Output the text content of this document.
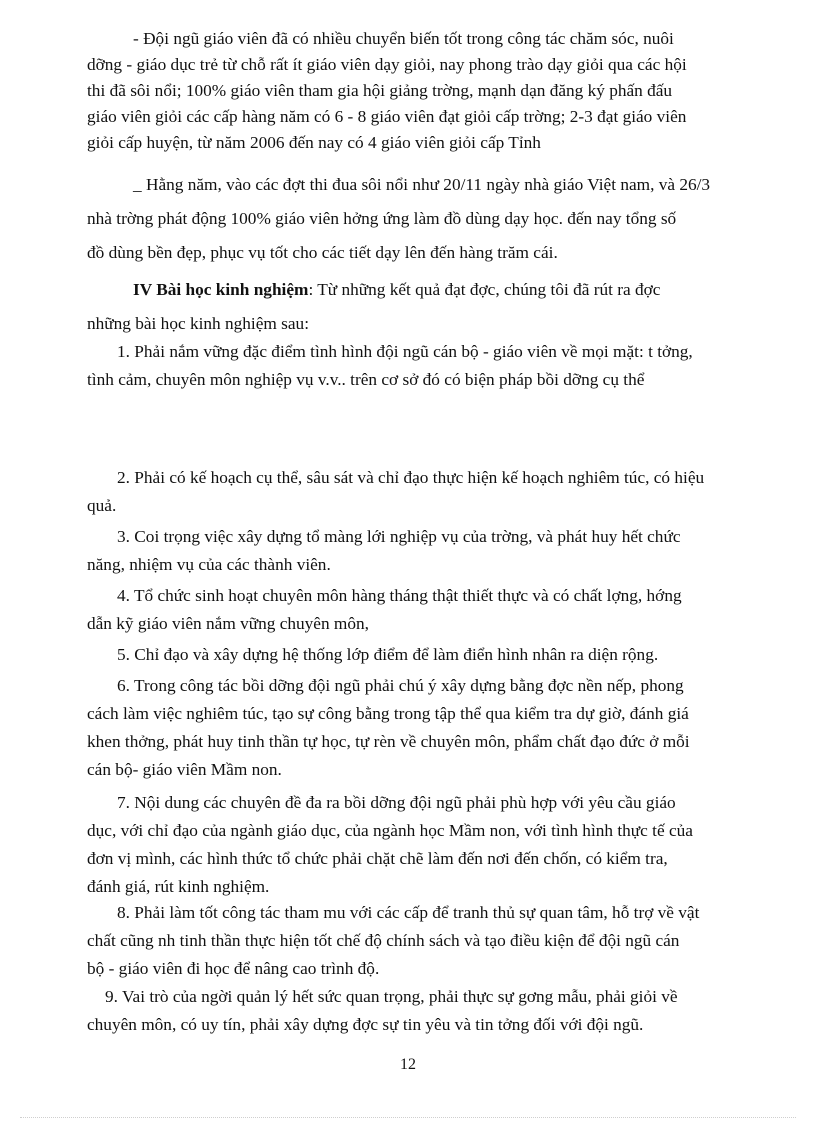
- Đội ngũ giáo viên đã có nhiều chuyển biến tốt trong công tác chăm sóc, nuôi
dỡng - giáo dục trẻ từ chỗ rất ít giáo viên dạy giỏi, nay phong trào dạy giỏi qua các hội
thi đã sôi nổi; 100% giáo viên tham gia hội giảng trờng, mạnh dạn đăng ký phấn đấu
giáo viên giỏi các cấp hàng năm có 6 - 8 giáo viên đạt giỏi cấp trờng; 2-3 đạt giáo viên
giỏi cấp huyện, từ năm 2006 đến nay có 4 giáo viên giỏi cấp Tỉnh
_ Hằng năm, vào các đợt thi đua sôi nổi như 20/11 ngày nhà giáo Việt nam, và 26/3
nhà trờng phát động 100% giáo viên hởng ứng làm đồ dùng dạy học. đến nay tổng số
đồ dùng bền đẹp, phục vụ tốt cho các tiết dạy lên đến hàng trăm cái.
IV Bài học kinh nghiệm: Từ những kết quả đạt đợc, chúng tôi đã rút ra đợc
những bài học kinh nghiệm sau:
1. Phải nắm vững đặc điểm tình hình đội ngũ cán bộ - giáo viên về mọi mặt: t tởng,
tình cảm, chuyên môn nghiệp vụ v.v.. trên cơ sở đó có biện pháp bồi dỡng cụ thể
2. Phải có kế hoạch cụ thể, sâu sát và chỉ đạo thực hiện kế hoạch nghiêm túc, có hiệu
quả.
3. Coi trọng việc xây dựng tổ màng lới nghiệp vụ của trờng, và phát huy hết chức
năng, nhiệm vụ của các thành viên.
4. Tổ chức sinh hoạt chuyên môn hàng tháng thật thiết thực và có chất lợng, hớng
dẫn kỹ giáo viên nắm vững chuyên môn,
5. Chỉ đạo và xây dựng hệ thống lớp điểm để làm điển hình nhân ra diện rộng.
6. Trong công tác bồi dỡng đội ngũ phải chú ý xây dựng bằng đợc nền nếp, phong
cách làm việc nghiêm túc, tạo sự công bằng trong tập thể qua kiểm tra dự giờ, đánh giá
khen thởng, phát huy tinh thần tự học, tự rèn về chuyên môn, phẩm chất đạo đức ở mỗi
cán bộ- giáo viên Mầm non.
7. Nội dung các chuyên đề đa ra bồi dỡng đội ngũ phải phù hợp với yêu cầu giáo
dục, với chỉ đạo của ngành giáo dục, của ngành học Mầm non, với tình hình thực tế của
đơn vị mình, các hình thức tổ chức phải chặt chẽ làm đến nơi đến chốn, có kiểm tra,
đánh giá, rút kinh nghiệm.
8. Phải làm tốt công tác tham mu với các cấp để tranh thủ sự quan tâm, hỗ trợ về vật
chất cũng nh tinh thần thực hiện tốt chế độ chính sách và tạo điều kiện để đội ngũ cán
bộ - giáo viên đi học để nâng cao trình độ.
9. Vai trò của ngời quản lý hết sức quan trọng, phải thực sự gơng mẫu, phải giỏi về
chuyên môn, có uy tín, phải xây dựng đợc sự tin yêu và tin tởng đối với đội ngũ.
12
